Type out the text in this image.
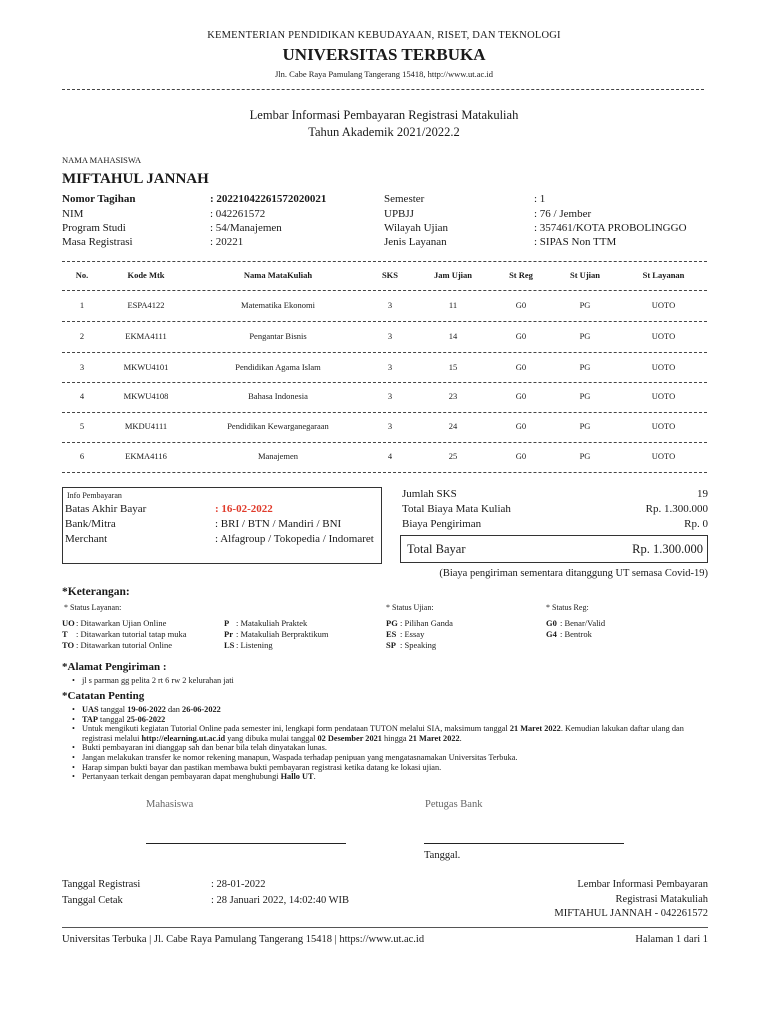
KEMENTERIAN PENDIDIKAN KEBUDAYAAN, RISET, DAN TEKNOLOGI
UNIVERSITAS TERBUKA
Jln. Cabe Raya Pamulang Tangerang 15418, http://www.ut.ac.id
Lembar Informasi Pembayaran Registrasi Matakuliah
Tahun Akademik 2021/2022.2
NAMA MAHASISWA
MIFTAHUL JANNAH
Nomor Tagihan	: 20221042261572020021
NIM	: 042261572
Program Studi	: 54/Manajemen
Masa Registrasi	: 20221
Semester	: 1
UPBJJ	: 76 / Jember
Wilayah Ujian	: 357461/KOTA PROBOLINGGO
Jenis Layanan	: SIPAS Non TTM
No.	Kode Mtk	Nama MataKuliah	SKS	Jam Ujian	St Reg	St Ujian	St Layanan
1	ESPA4122	Matematika Ekonomi	3	11	G0	PG	UOTO
2	EKMA4111	Pengantar Bisnis	3	14	G0	PG	UOTO
3	MKWU4101	Pendidikan Agama Islam	3	15	G0	PG	UOTO
4	MKWU4108	Bahasa Indonesia	3	23	G0	PG	UOTO
5	MKDU4111	Pendidikan Kewarganegaraan	3	24	G0	PG	UOTO
6	EKMA4116	Manajemen	4	25	G0	PG	UOTO
Info Pembayaran
Batas Akhir Bayar	: 16-02-2022
Bank/Mitra	: BRI / BTN / Mandiri / BNI
Merchant	: Alfagroup / Tokopedia / Indomaret
Jumlah SKS	19
Total Biaya Mata Kuliah	Rp. 1.300.000
Biaya Pengiriman	Rp. 0
Total Bayar	Rp. 1.300.000
(Biaya pengiriman sementara ditanggung UT semasa Covid-19)
*Keterangan:
* Status Layanan:
UO : Ditawarkan Ujian Online	P : Matakuliah Praktek
T : Ditawarkan tutorial tatap muka	Pr : Matakuliah Berpraktikum
TO : Ditawarkan tutorial Online	LS : Listening
* Status Ujian:
PG : Pilihan Ganda
ES : Essay
SP : Speaking
* Status Reg:
G0 : Benar/Valid
G4 : Bentrok
*Alamat Pengiriman :
• jl s parman gg pelita 2 rt 6 rw 2 kelurahan jati
*Catatan Penting
• UAS tanggal 19-06-2022 dan 26-06-2022
• TAP tanggal 25-06-2022
• Untuk mengikuti kegiatan Tutorial Online pada semester ini, lengkapi form pendataan TUTON melalui SIA, maksimum tanggal 21 Maret 2022. Kemudian lakukan daftar ulang dan registrasi melalui http://elearning.ut.ac.id yang dibuka mulai tanggal 02 Desember 2021 hingga 21 Maret 2022.
• Bukti pembayaran ini dianggap sah dan benar bila telah dinyatakan lunas.
• Jangan melakukan transfer ke nomor rekening manapun, Waspada terhadap penipuan yang mengatasnamakan Universitas Terbuka.
• Harap simpan bukti bayar dan pastikan membawa bukti pembayaran registrasi ketika datang ke lokasi ujian.
• Pertanyaan terkait dengan pembayaran dapat menghubungi Hallo UT.
Mahasiswa	Petugas Bank
Tanggal.
Tanggal Registrasi	: 28-01-2022
Tanggal Cetak	: 28 Januari 2022, 14:02:40 WIB
Lembar Informasi Pembayaran
Registrasi Matakuliah
MIFTAHUL JANNAH - 042261572
Universitas Terbuka | Jl. Cabe Raya Pamulang Tangerang 15418 | https://www.ut.ac.id	Halaman 1 dari 1
